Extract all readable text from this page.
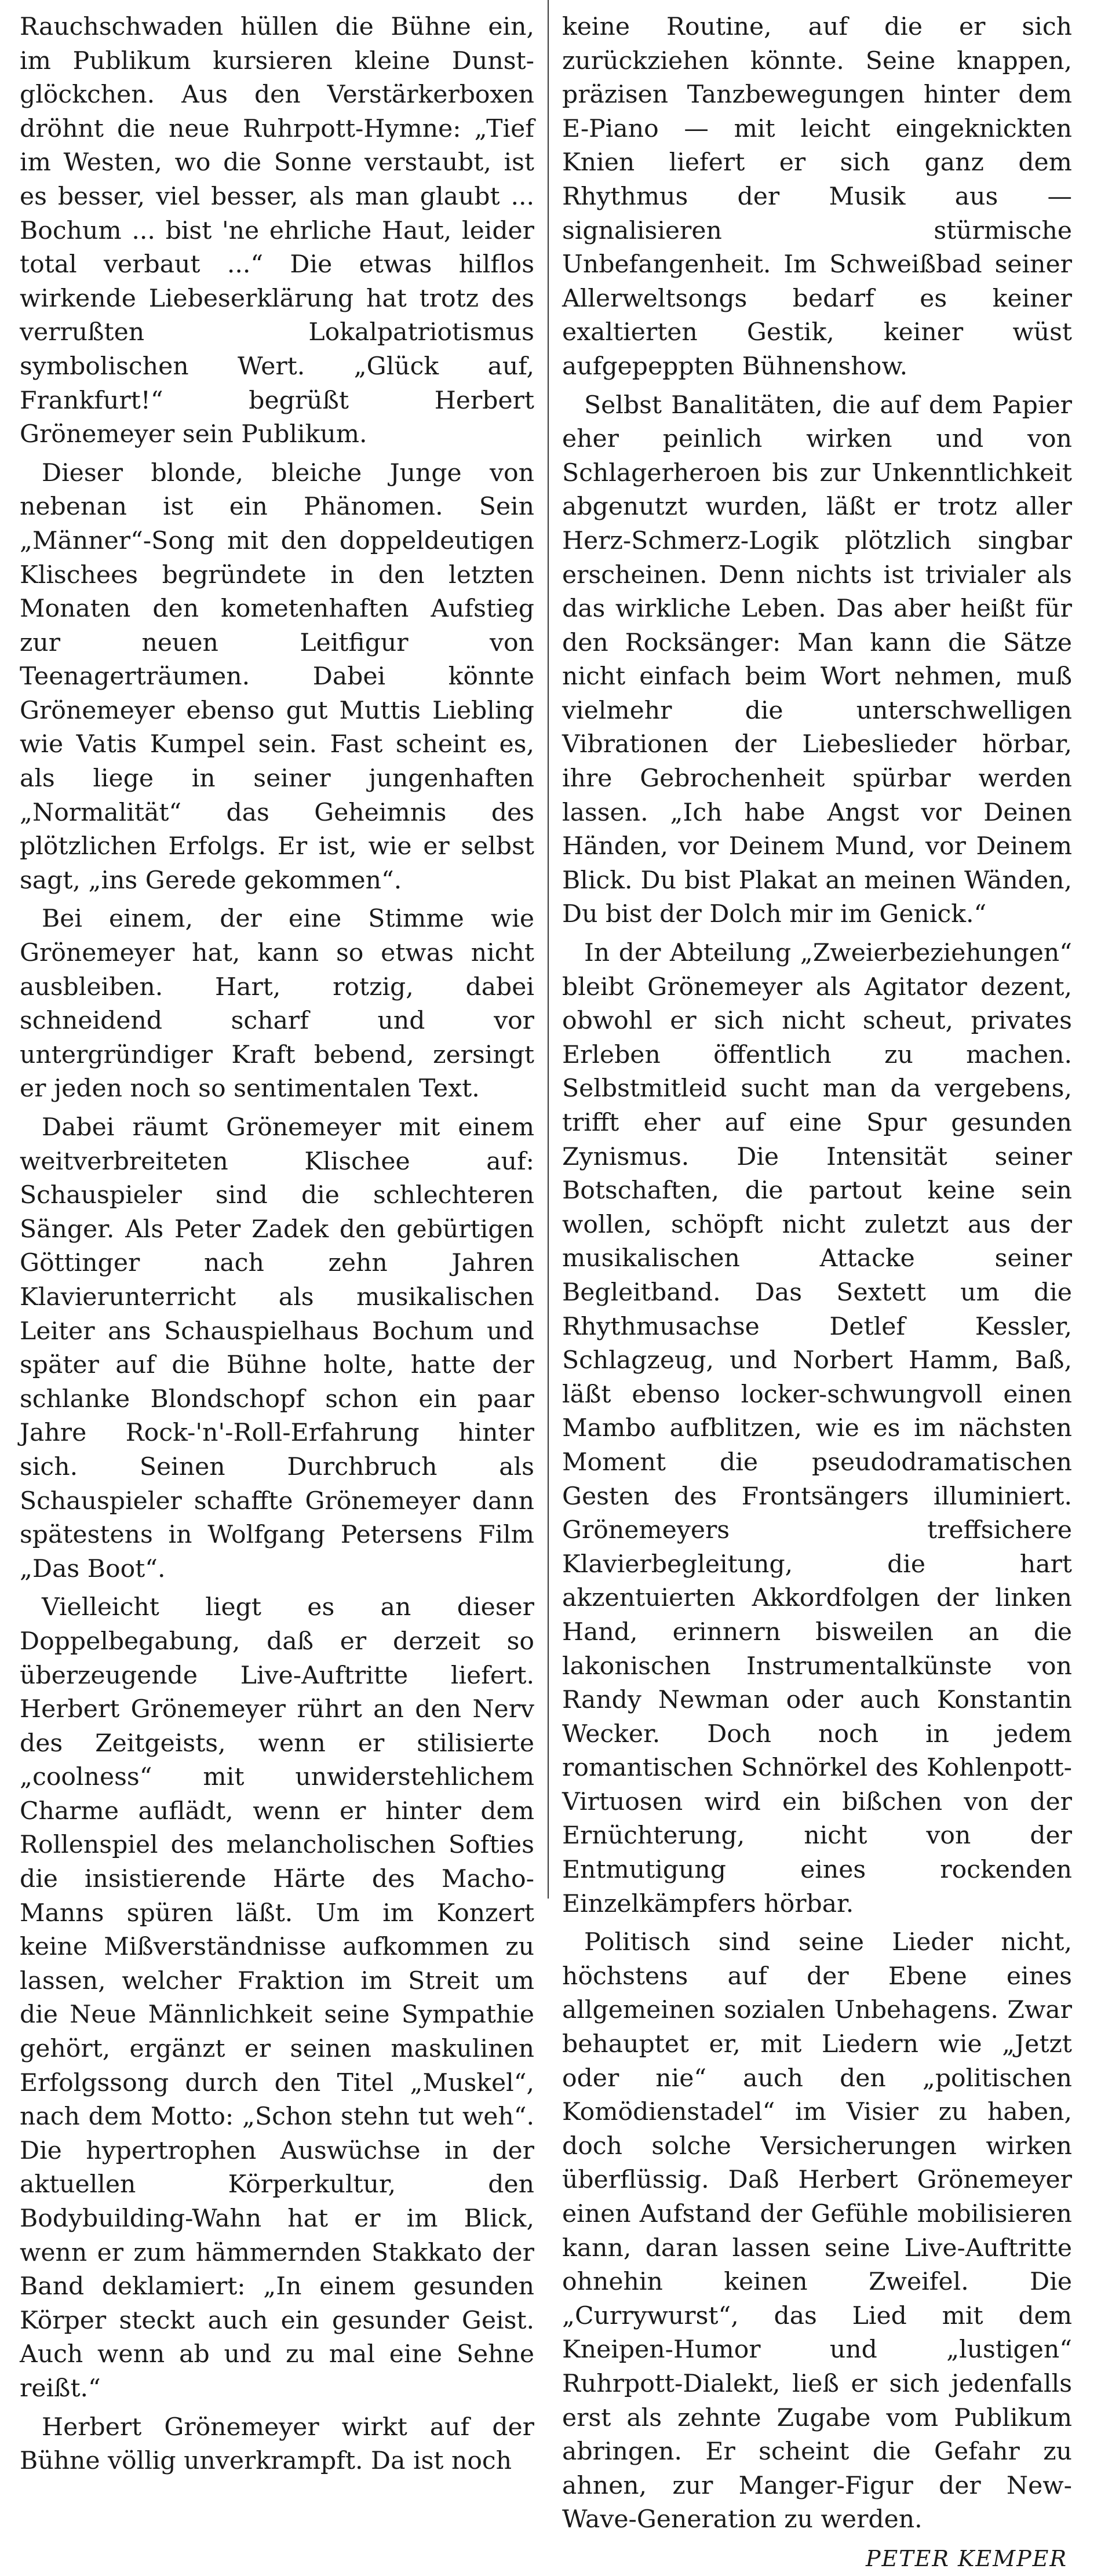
Rauchschwaden hüllen die Bühne ein, im Publikum kursieren kleine Dunst-glöckchen. Aus den Verstärkerboxen dröhnt die neue Ruhrpott-Hymne: „Tief im Westen, wo die Sonne verstaubt, ist es besser, viel besser, als man glaubt ... Bochum ... bist 'ne ehrliche Haut, leider total verbaut ...“ Die etwas hilflos wirkende Liebeserklärung hat trotz des verrußten Lokalpatriotismus symbolischen Wert. „Glück auf, Frankfurt!“ begrüßt Herbert Grönemeyer sein Publikum.

Dieser blonde, bleiche Junge von nebenan ist ein Phänomen. Sein „Männer“-Song mit den doppeldeutigen Klischees begründete in den letzten Monaten den kometenhaften Aufstieg zur neuen Leitfigur von Teenagerträumen. Dabei könnte Grönemeyer ebenso gut Muttis Liebling wie Vatis Kumpel sein. Fast scheint es, als liege in seiner jungenhaften „Normalität“ das Geheimnis des plötzlichen Erfolgs. Er ist, wie er selbst sagt, „ins Gerede gekommen“.

Bei einem, der eine Stimme wie Grönemeyer hat, kann so etwas nicht ausbleiben. Hart, rotzig, dabei schneidend scharf und vor untergründiger Kraft bebend, zersingt er jeden noch so sentimentalen Text.

Dabei räumt Grönemeyer mit einem weitverbreiteten Klischee auf: Schauspieler sind die schlechteren Sänger. Als Peter Zadek den gebürtigen Göttinger nach zehn Jahren Klavierunterricht als musikalischen Leiter ans Schauspielhaus Bochum und später auf die Bühne holte, hatte der schlanke Blondschopf schon ein paar Jahre Rock-'n'-Roll-Erfahrung hinter sich. Seinen Durchbruch als Schauspieler schaffte Grönemeyer dann spätestens in Wolfgang Petersens Film „Das Boot“.

Vielleicht liegt es an dieser Doppelbegabung, daß er derzeit so überzeugende Live-Auftritte liefert. Herbert Grönemeyer rührt an den Nerv des Zeitgeists, wenn er stilisierte „coolness“ mit unwiderstehlichem Charme auflädt, wenn er hinter dem Rollenspiel des melancholischen Softies die insistierende Härte des Macho-Manns spüren läßt. Um im Konzert keine Mißverständnisse aufkommen zu lassen, welcher Fraktion im Streit um die Neue Männlichkeit seine Sympathie gehört, ergänzt er seinen maskulinen Erfolgssong durch den Titel „Muskel“, nach dem Motto: „Schon stehn tut weh“. Die hypertrophen Auswüchse in der aktuellen Körperkultur, den Bodybuilding-Wahn hat er im Blick, wenn er zum hämmernden Stakkato der Band deklamiert: „In einem gesunden Körper steckt auch ein gesunder Geist. Auch wenn ab und zu mal eine Sehne reißt.“

Herbert Grönemeyer wirkt auf der Bühne völlig unverkrampft. Da ist noch

keine Routine, auf die er sich zurückziehen könnte. Seine knappen, präzisen Tanzbewegungen hinter dem E-Piano — mit leicht eingeknickten Knien liefert er sich ganz dem Rhythmus der Musik aus — signalisieren stürmische Unbefangenheit. Im Schweißbad seiner Allerweltsongs bedarf es keiner exaltierten Gestik, keiner wüst aufgepeppten Bühnenshow.

Selbst Banalitäten, die auf dem Papier eher peinlich wirken und von Schlagerheroen bis zur Unkenntlichkeit abgenutzt wurden, läßt er trotz aller Herz-Schmerz-Logik plötzlich singbar erscheinen. Denn nichts ist trivialer als das wirkliche Leben. Das aber heißt für den Rocksänger: Man kann die Sätze nicht einfach beim Wort nehmen, muß vielmehr die unterschwelligen Vibrationen der Liebeslieder hörbar, ihre Gebrochenheit spürbar werden lassen. „Ich habe Angst vor Deinen Händen, vor Deinem Mund, vor Deinem Blick. Du bist Plakat an meinen Wänden, Du bist der Dolch mir im Genick.“

In der Abteilung „Zweierbeziehungen“ bleibt Grönemeyer als Agitator dezent, obwohl er sich nicht scheut, privates Erleben öffentlich zu machen. Selbstmitleid sucht man da vergebens, trifft eher auf eine Spur gesunden Zynismus. Die Intensität seiner Botschaften, die partout keine sein wollen, schöpft nicht zuletzt aus der musikalischen Attacke seiner Begleitband. Das Sextett um die Rhythmusachse Detlef Kessler, Schlagzeug, und Norbert Hamm, Baß, läßt ebenso locker-schwungvoll einen Mambo aufblitzen, wie es im nächsten Moment die pseudodramatischen Gesten des Frontsängers illuminiert. Grönemeyers treffsichere Klavierbegleitung, die hart akzentuierten Akkordfolgen der linken Hand, erinnern bisweilen an die lakonischen Instrumentalkünste von Randy Newman oder auch Konstantin Wecker. Doch noch in jedem romantischen Schnörkel des Kohlenpott-Virtuosen wird ein bißchen von der Ernüchterung, nicht von der Entmutigung eines rockenden Einzelkämpfers hörbar.

Politisch sind seine Lieder nicht, höchstens auf der Ebene eines allgemeinen sozialen Unbehagens. Zwar behauptet er, mit Liedern wie „Jetzt oder nie“ auch den „politischen Komödienstadel“ im Visier zu haben, doch solche Versicherungen wirken überflüssig. Daß Herbert Grönemeyer einen Aufstand der Gefühle mobilisieren kann, daran lassen seine Live-Auftritte ohnehin keinen Zweifel. Die „Currywurst“, das Lied mit dem Kneipen-Humor und „lustigen“ Ruhrpott-Dialekt, ließ er sich jedenfalls erst als zehnte Zugabe vom Publikum abringen. Er scheint die Gefahr zu ahnen, zur Manger-Figur der New-Wave-Generation zu werden.

PETER KEMPER
